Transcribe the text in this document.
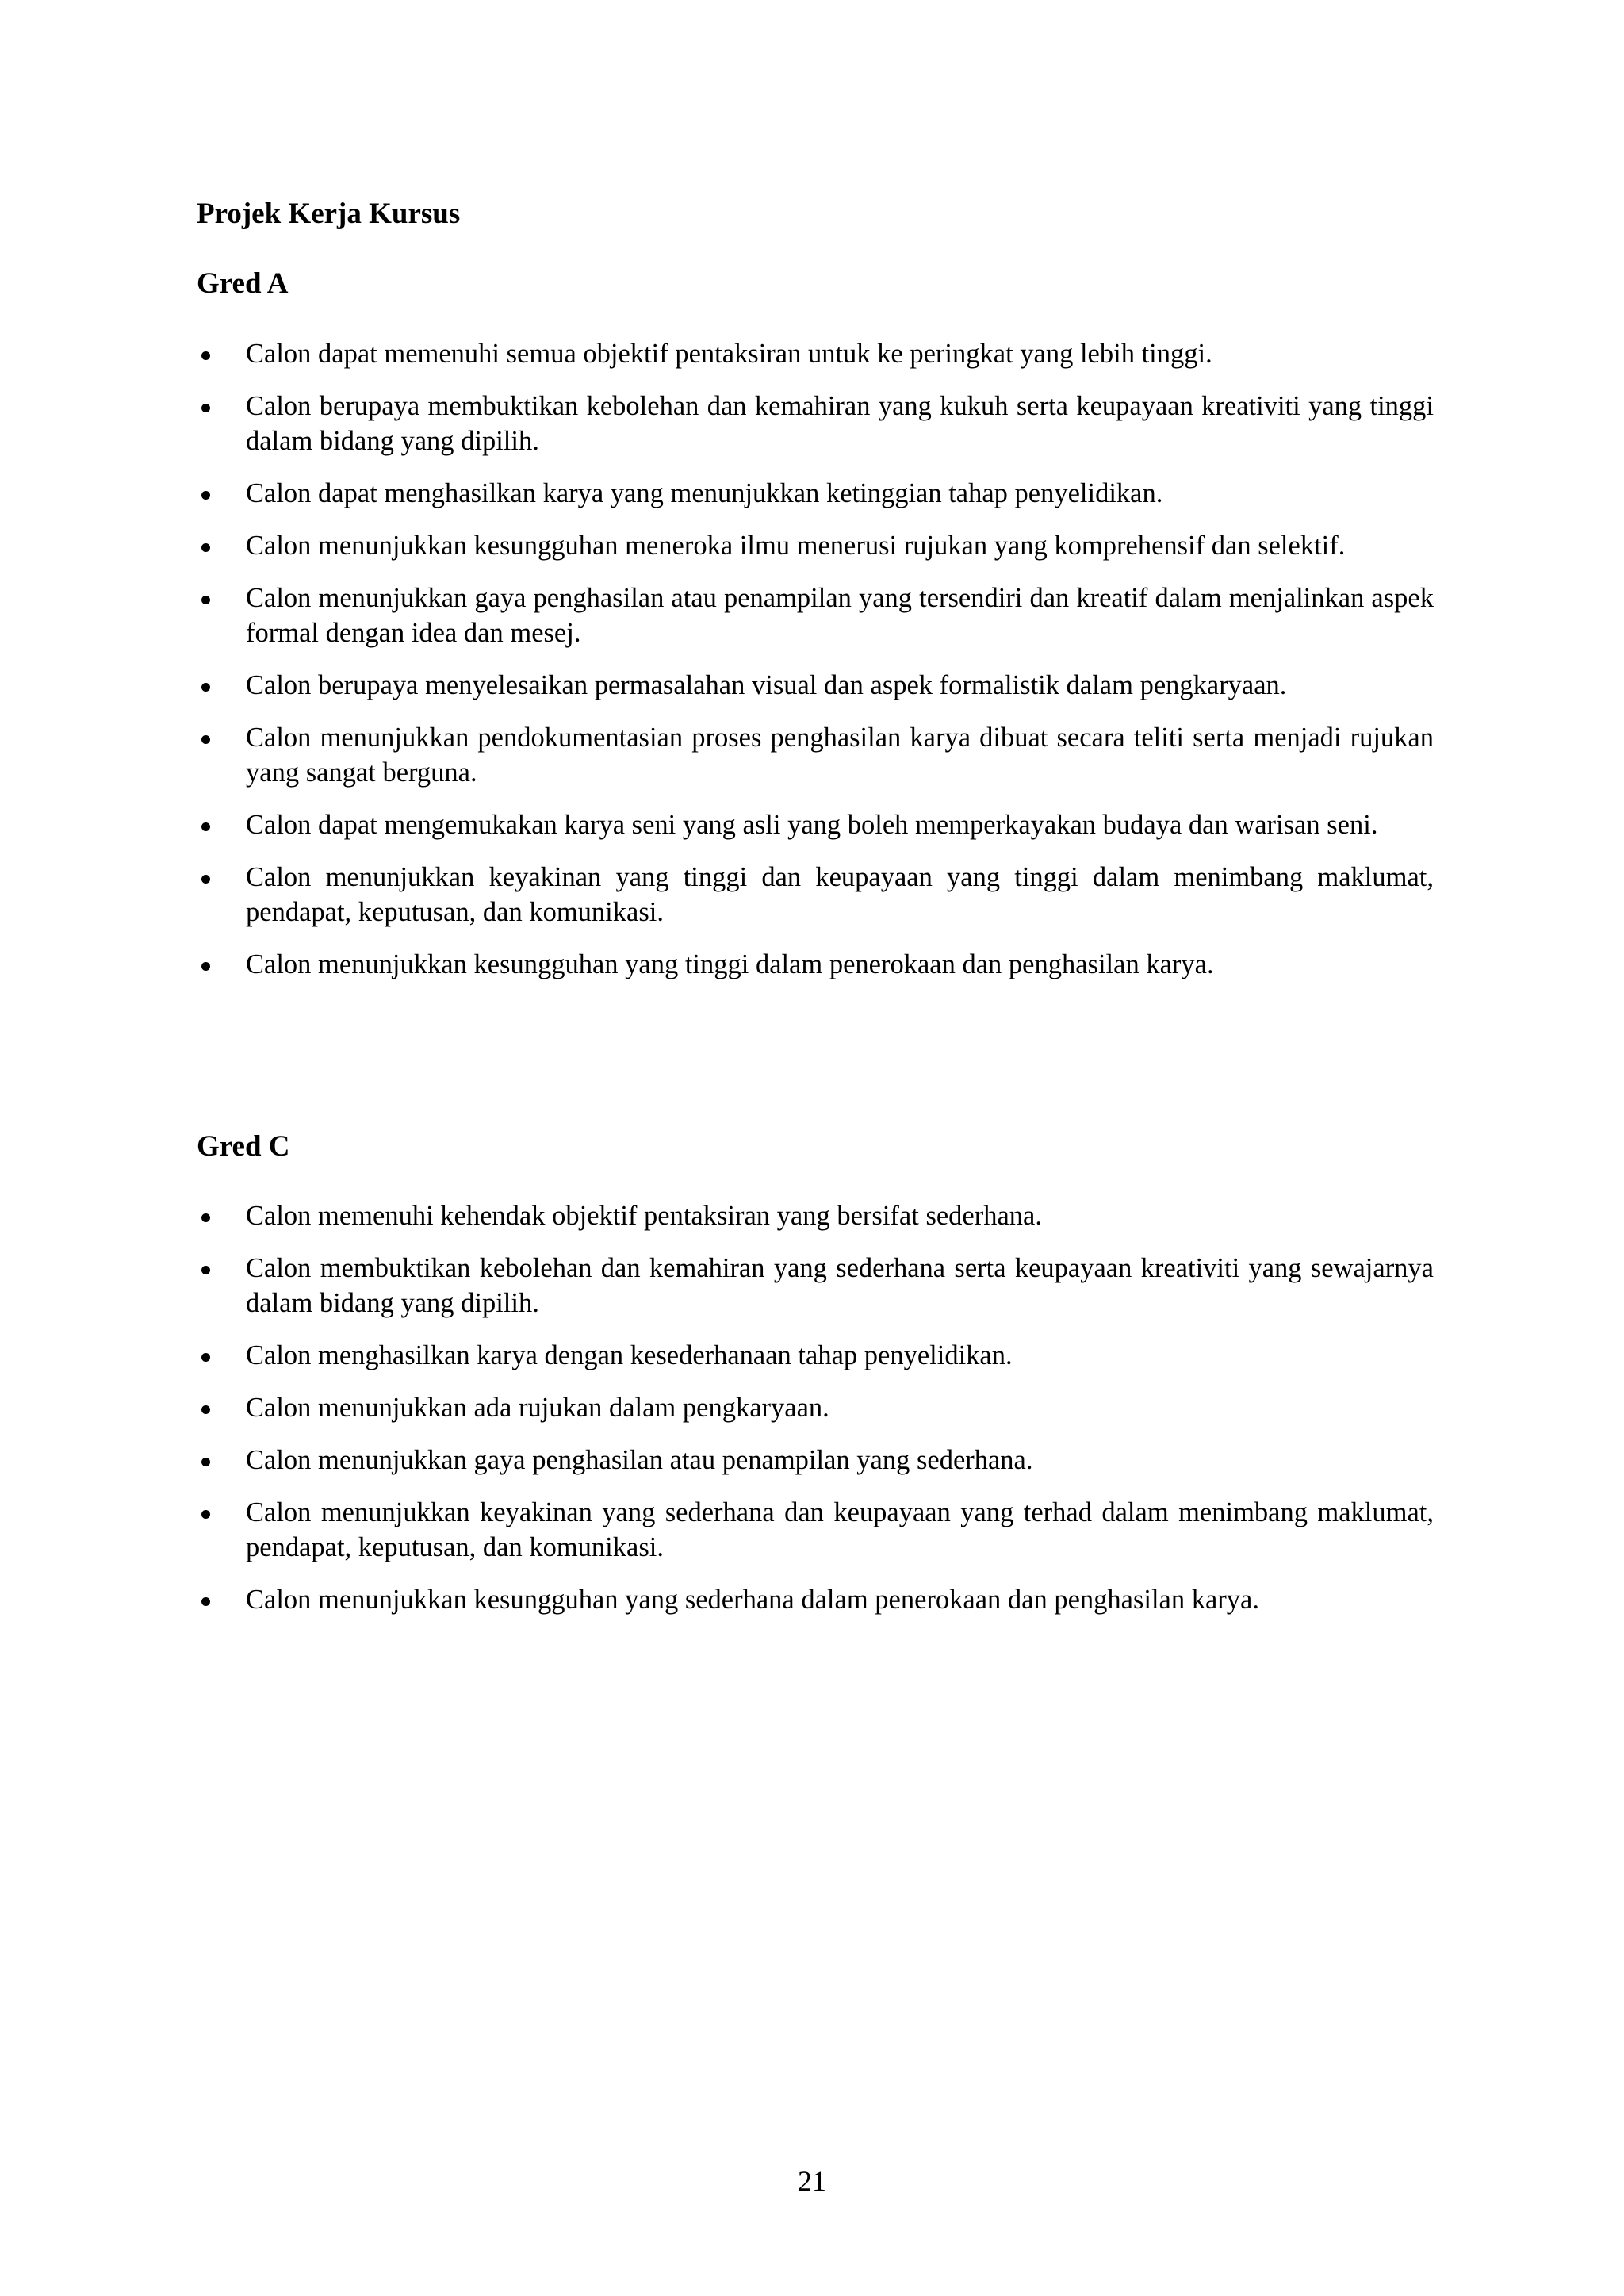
Projek Kerja Kursus
Gred A
Calon dapat memenuhi semua objektif pentaksiran untuk ke peringkat yang lebih tinggi.
Calon berupaya membuktikan kebolehan dan kemahiran yang kukuh serta keupayaan kreativiti yang tinggi dalam bidang yang dipilih.
Calon dapat menghasilkan karya yang menunjukkan ketinggian tahap penyelidikan.
Calon menunjukkan kesungguhan meneroka ilmu menerusi rujukan yang komprehensif dan selektif.
Calon menunjukkan gaya penghasilan atau penampilan yang tersendiri dan kreatif dalam menjalinkan aspek formal dengan idea dan mesej.
Calon berupaya menyelesaikan permasalahan visual dan aspek formalistik dalam pengkaryaan.
Calon menunjukkan pendokumentasian proses penghasilan karya dibuat secara teliti serta menjadi rujukan yang sangat berguna.
Calon dapat mengemukakan karya seni yang asli yang boleh memperkayakan budaya dan warisan seni.
Calon menunjukkan keyakinan yang tinggi dan keupayaan yang tinggi dalam menimbang maklumat, pendapat, keputusan, dan komunikasi.
Calon menunjukkan kesungguhan yang tinggi dalam penerokaan dan penghasilan karya.
Gred C
Calon memenuhi kehendak objektif pentaksiran yang bersifat sederhana.
Calon membuktikan kebolehan dan kemahiran yang sederhana serta keupayaan kreativiti yang sewajarnya dalam bidang yang dipilih.
Calon menghasilkan karya dengan kesederhanaan tahap penyelidikan.
Calon menunjukkan ada rujukan dalam pengkaryaan.
Calon menunjukkan gaya penghasilan atau penampilan yang sederhana.
Calon menunjukkan keyakinan yang sederhana dan keupayaan yang terhad dalam menimbang maklumat, pendapat, keputusan, dan komunikasi.
Calon menunjukkan kesungguhan yang sederhana dalam penerokaan dan penghasilan karya.

21
